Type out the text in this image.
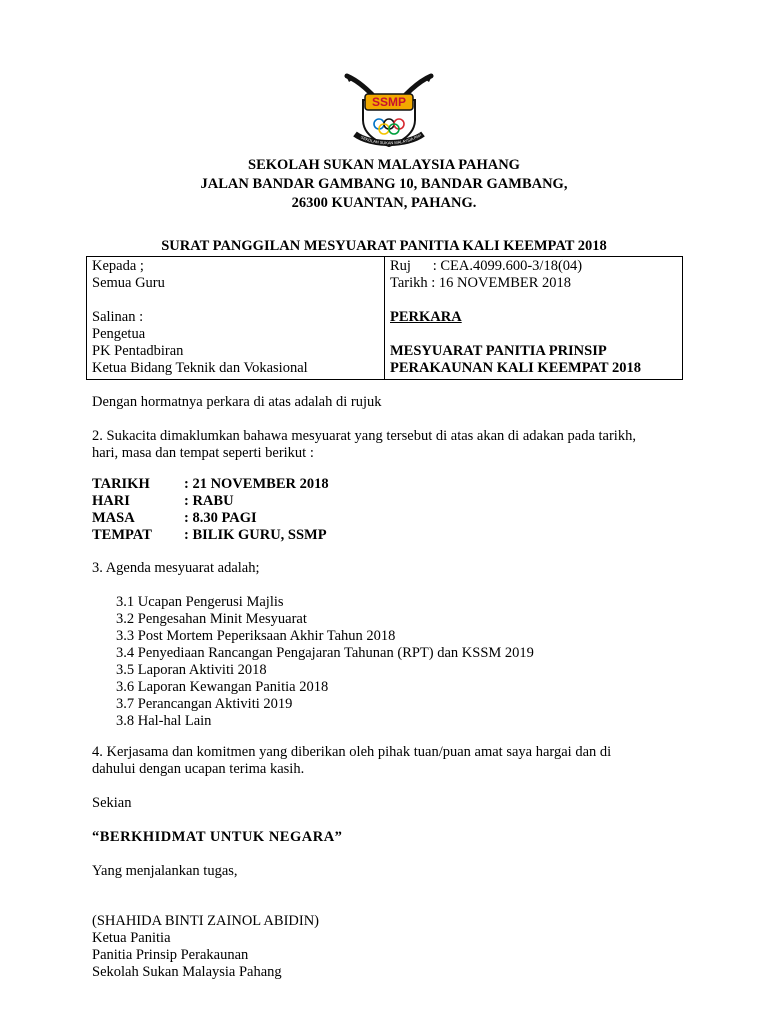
SSMP
SEKOLAH SUKAN MALAYSIA PAH
SEKOLAH SUKAN MALAYSIA PAHANG
JALAN BANDAR GAMBANG 10, BANDAR GAMBANG,
26300 KUANTAN, PAHANG.
SURAT PANGGILAN MESYUARAT PANITIA KALI KEEMPAT 2018
Kepada ;
Semua Guru
Salinan :
Pengetua
PK Pentadbiran
Ketua Bidang Teknik dan Vokasional

Ruj      : CEA.4099.600-3/18(04)
Tarikh : 16 NOVEMBER 2018
PERKARA
MESYUARAT PANITIA PRINSIP
PERAKAUNAN KALI KEEMPAT 2018
Dengan hormatnya perkara di atas adalah di rujuk
2. Sukacita dimaklumkan bahawa mesyuarat yang tersebut di atas akan di adakan pada tarikh,
hari, masa dan tempat seperti berikut :
TARIKH	: 21 NOVEMBER 2018
HARI	: RABU
MASA	: 8.30 PAGI
TEMPAT	: BILIK GURU, SSMP
3. Agenda mesyuarat adalah;
3.1 Ucapan Pengerusi Majlis
3.2 Pengesahan Minit Mesyuarat
3.3 Post Mortem Peperiksaan Akhir Tahun 2018
3.4 Penyediaan Rancangan Pengajaran Tahunan (RPT) dan KSSM 2019
3.5 Laporan Aktiviti 2018
3.6 Laporan Kewangan Panitia 2018
3.7 Perancangan Aktiviti 2019
3.8 Hal-hal Lain
4. Kerjasama dan komitmen yang diberikan oleh pihak tuan/puan amat saya hargai dan di
dahului dengan ucapan terima kasih.
Sekian
“BERKHIDMAT UNTUK NEGARA”
Yang menjalankan tugas,
(SHAHIDA BINTI ZAINOL ABIDIN)
Ketua Panitia
Panitia Prinsip Perakaunan
Sekolah Sukan Malaysia Pahang
